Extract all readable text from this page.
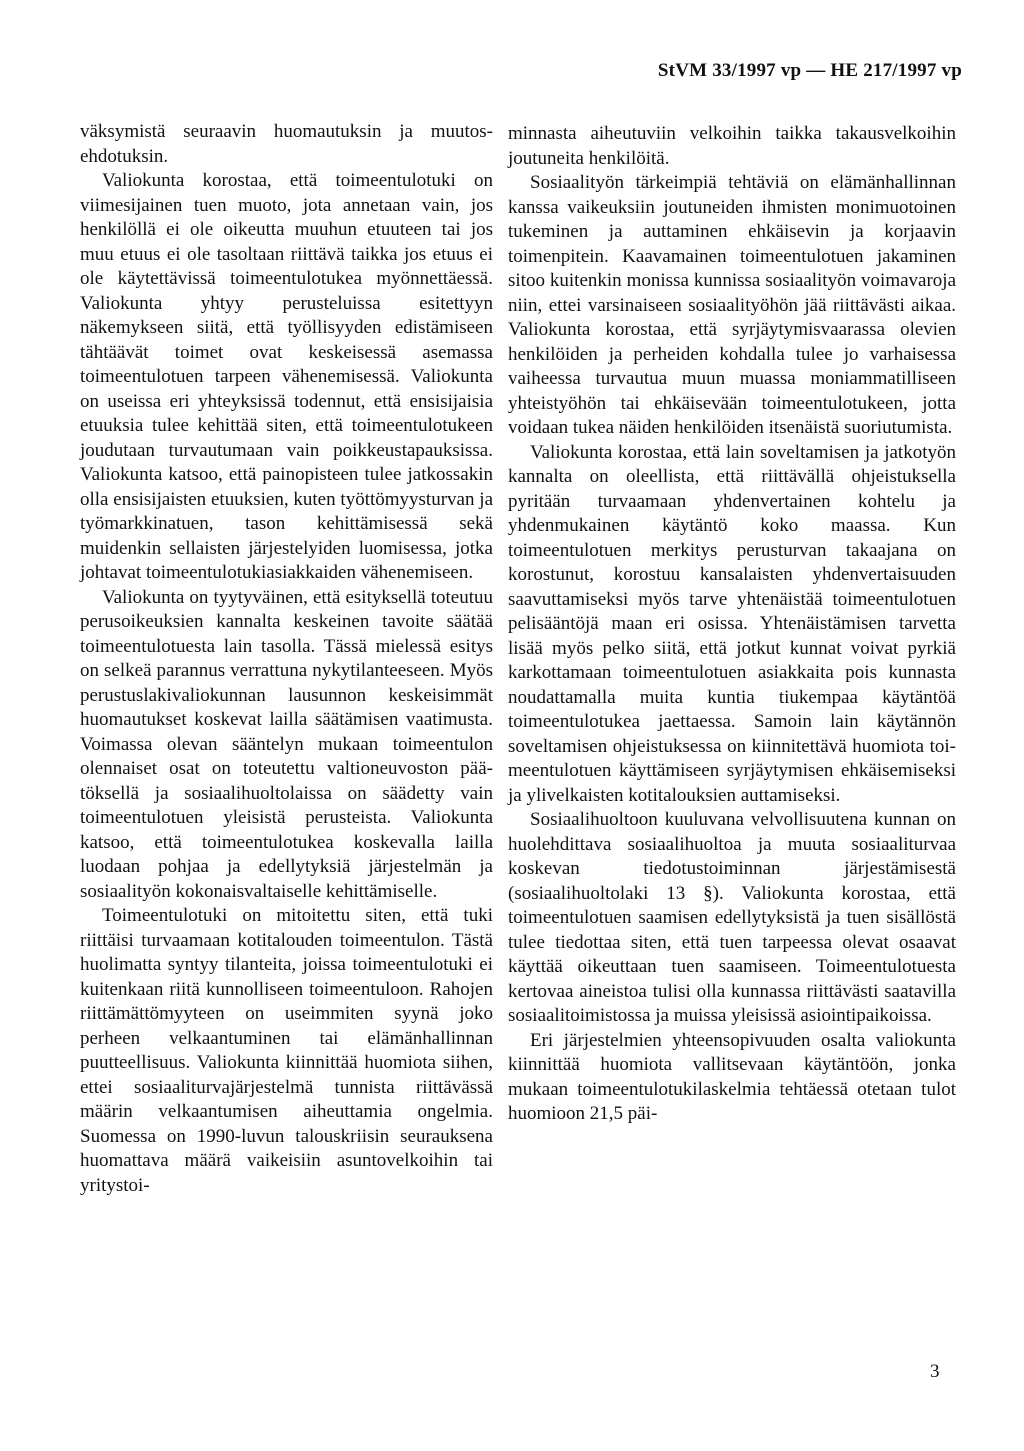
StVM 33/1997 vp — HE 217/1997 vp

väksymistä seuraavin huomautuksin ja muutosehdotuksin.

Valiokunta korostaa, että toimeentulotuki on viimesijainen tuen muoto, jota annetaan vain, jos henkilöllä ei ole oikeutta muuhun etuuteen tai jos muu etuus ei ole tasoltaan riittävä taikka jos etuus ei ole käytettävissä toimeentulotukea myönnettäessä. Valiokunta yhtyy perusteluissa esitettyyn näkemykseen siitä, että työllisyyden edistämiseen tähtäävät toimet ovat keskeisessä asemassa toimeentulotuen tarpeen vähenemisessä. Valiokunta on useissa eri yhteyksissä todennut, että ensisijaisia etuuksia tulee kehittää siten, että toimeentulotukeen joudutaan turvautumaan vain poikkeustapauksissa. Valiokunta katsoo, että painopisteen tulee jatkossakin olla ensisijaisten etuuksien, kuten työttömyysturvan ja työmarkkinatuen, tason kehittämisessä sekä muidenkin sellaisten järjestelyiden luomisessa, jotka johtavat toimeentulotukiasiakkaiden vähenemiseen.

Valiokunta on tyytyväinen, että esityksellä toteutuu perusoikeuksien kannalta keskeinen tavoite säätää toimeentulotuesta lain tasolla. Tässä mielessä esitys on selkeä parannus verrattuna nykytilanteeseen. Myös perustuslakivaliokunnan lausunnon keskeisimmät huomautukset koskevat lailla säätämisen vaatimusta. Voimassa olevan sääntelyn mukaan toimeentulon olennaiset osat on toteutettu valtioneuvoston päätöksellä ja sosiaalihuoltolaissa on säädetty vain toimeentulotuen yleisistä perusteista. Valiokunta katsoo, että toimeentulotukea koskevalla lailla luodaan pohjaa ja edellytyksiä järjestelmän ja sosiaalityön kokonaisvaltaiselle kehittämiselle.

Toimeentulotuki on mitoitettu siten, että tuki riittäisi turvaamaan kotitalouden toimeentulon. Tästä huolimatta syntyy tilanteita, joissa toimeentulotuki ei kuitenkaan riitä kunnolliseen toimeentuloon. Rahojen riittämättömyyteen on useimmiten syynä joko perheen velkaantuminen tai elämänhallinnan puutteellisuus. Valiokunta kiinnittää huomiota siihen, ettei sosiaaliturvajärjestelmä tunnista riittävässä määrin velkaantumisen aiheuttamia ongelmia. Suomessa on 1990-luvun talouskriisin seurauksena huomattava määrä vaikeisiin asuntovelkoihin tai yritystoi-

minnasta aiheutuviin velkoihin taikka takausvelkoihin joutuneita henkilöitä.

Sosiaalityön tärkeimpiä tehtäviä on elämänhallinnan kanssa vaikeuksiin joutuneiden ihmisten monimuotoinen tukeminen ja auttaminen ehkäisevin ja korjaavin toimenpitein. Kaavamainen toimeentulotuen jakaminen sitoo kuitenkin monissa kunnissa sosiaalityön voimavaroja niin, ettei varsinaiseen sosiaalityöhön jää riittävästi aikaa. Valiokunta korostaa, että syrjäytymisvaarassa olevien henkilöiden ja perheiden kohdalla tulee jo varhaisessa vaiheessa turvautua muun muassa moniammatilliseen yhteistyöhön tai ehkäisevään toimeentulotukeen, jotta voidaan tukea näiden henkilöiden itsenäistä suoriutumista.

Valiokunta korostaa, että lain soveltamisen ja jatkotyön kannalta on oleellista, että riittävällä ohjeistuksella pyritään turvaamaan yhdenvertainen kohtelu ja yhdenmukainen käytäntö koko maassa. Kun toimeentulotuen merkitys perusturvan takaajana on korostunut, korostuu kansalaisten yhdenvertaisuuden saavuttamiseksi myös tarve yhtenäistää toimeentulotuen pelisääntöjä maan eri osissa. Yhtenäistämisen tarvetta lisää myös pelko siitä, että jotkut kunnat voivat pyrkiä karkottamaan toimeentulotuen asiakkaita pois kunnasta noudattamalla muita kuntia tiukempaa käytäntöä toimeentulotukea jaettaessa. Samoin lain käytännön soveltamisen ohjeistuksessa on kiinnitettävä huomiota toimeentulotuen käyttämiseen syrjäytymisen ehkäisemiseksi ja ylivelkaisten kotitalouksien auttamiseksi.

Sosiaalihuoltoon kuuluvana velvollisuutena kunnan on huolehdittava sosiaalihuoltoa ja muuta sosiaaliturvaa koskevan tiedotustoiminnan järjestämisestä (sosiaalihuoltolaki 13 §). Valiokunta korostaa, että toimeentulotuen saamisen edellytyksistä ja tuen sisällöstä tulee tiedottaa siten, että tuen tarpeessa olevat osaavat käyttää oikeuttaan tuen saamiseen. Toimeentulotuesta kertovaa aineistoa tulisi olla kunnassa riittävästi saatavilla sosiaalitoimistossa ja muissa yleisissä asiointipaikoissa.

Eri järjestelmien yhteensopivuuden osalta valiokunta kiinnittää huomiota vallitsevaan käytäntöön, jonka mukaan toimeentulotukilaskelmia tehtäessä otetaan tulot huomioon 21,5 päi-

3
